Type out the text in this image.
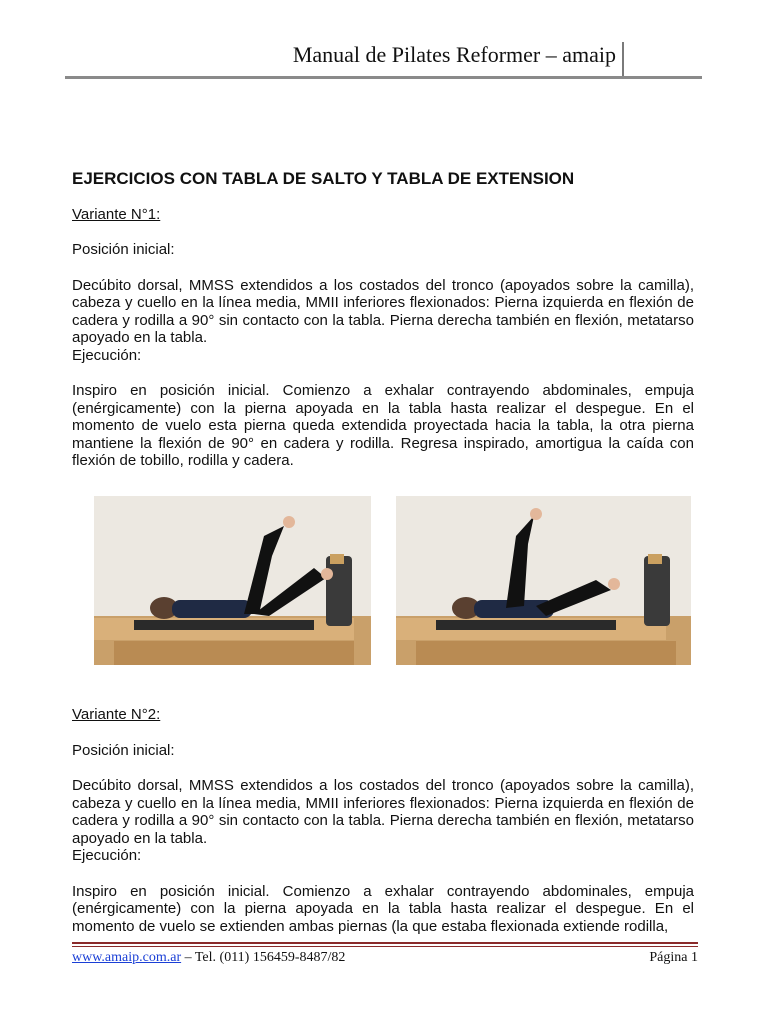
Manual de Pilates Reformer – amaip

EJERCICIOS CON TABLA DE SALTO Y TABLA DE EXTENSION

Variante N°1:

Posición inicial:

Decúbito dorsal, MMSS extendidos a los costados del tronco (apoyados sobre la camilla), cabeza y cuello en la línea media, MMII inferiores flexionados: Pierna izquierda en flexión de cadera y rodilla a 90° sin contacto con la tabla. Pierna derecha también en flexión, metatarso apoyado en la tabla.

Ejecución:

Inspiro en posición inicial. Comienzo a exhalar contrayendo abdominales, empuja (enérgicamente) con la pierna apoyada en la tabla hasta realizar el despegue. En el momento de vuelo esta pierna queda extendida proyectada hacia la tabla, la otra pierna mantiene la flexión de 90° en cadera y rodilla. Regresa inspirado, amortigua la caída con flexión de tobillo, rodilla y cadera.

Variante N°2:

Posición inicial:

Decúbito dorsal, MMSS extendidos a los costados del tronco (apoyados sobre la camilla), cabeza y cuello en la línea media, MMII inferiores flexionados: Pierna izquierda en flexión de cadera y rodilla a 90° sin contacto con la tabla. Pierna derecha también en flexión, metatarso apoyado en la tabla.

Ejecución:

Inspiro en posición inicial. Comienzo a exhalar contrayendo abdominales, empuja (enérgicamente) con la pierna apoyada en la tabla hasta realizar el despegue. En el momento de vuelo se extienden ambas piernas (la que estaba flexionada extiende rodilla,

www.amaip.com.ar – Tel. (011) 156459-8487/82	Página 1
